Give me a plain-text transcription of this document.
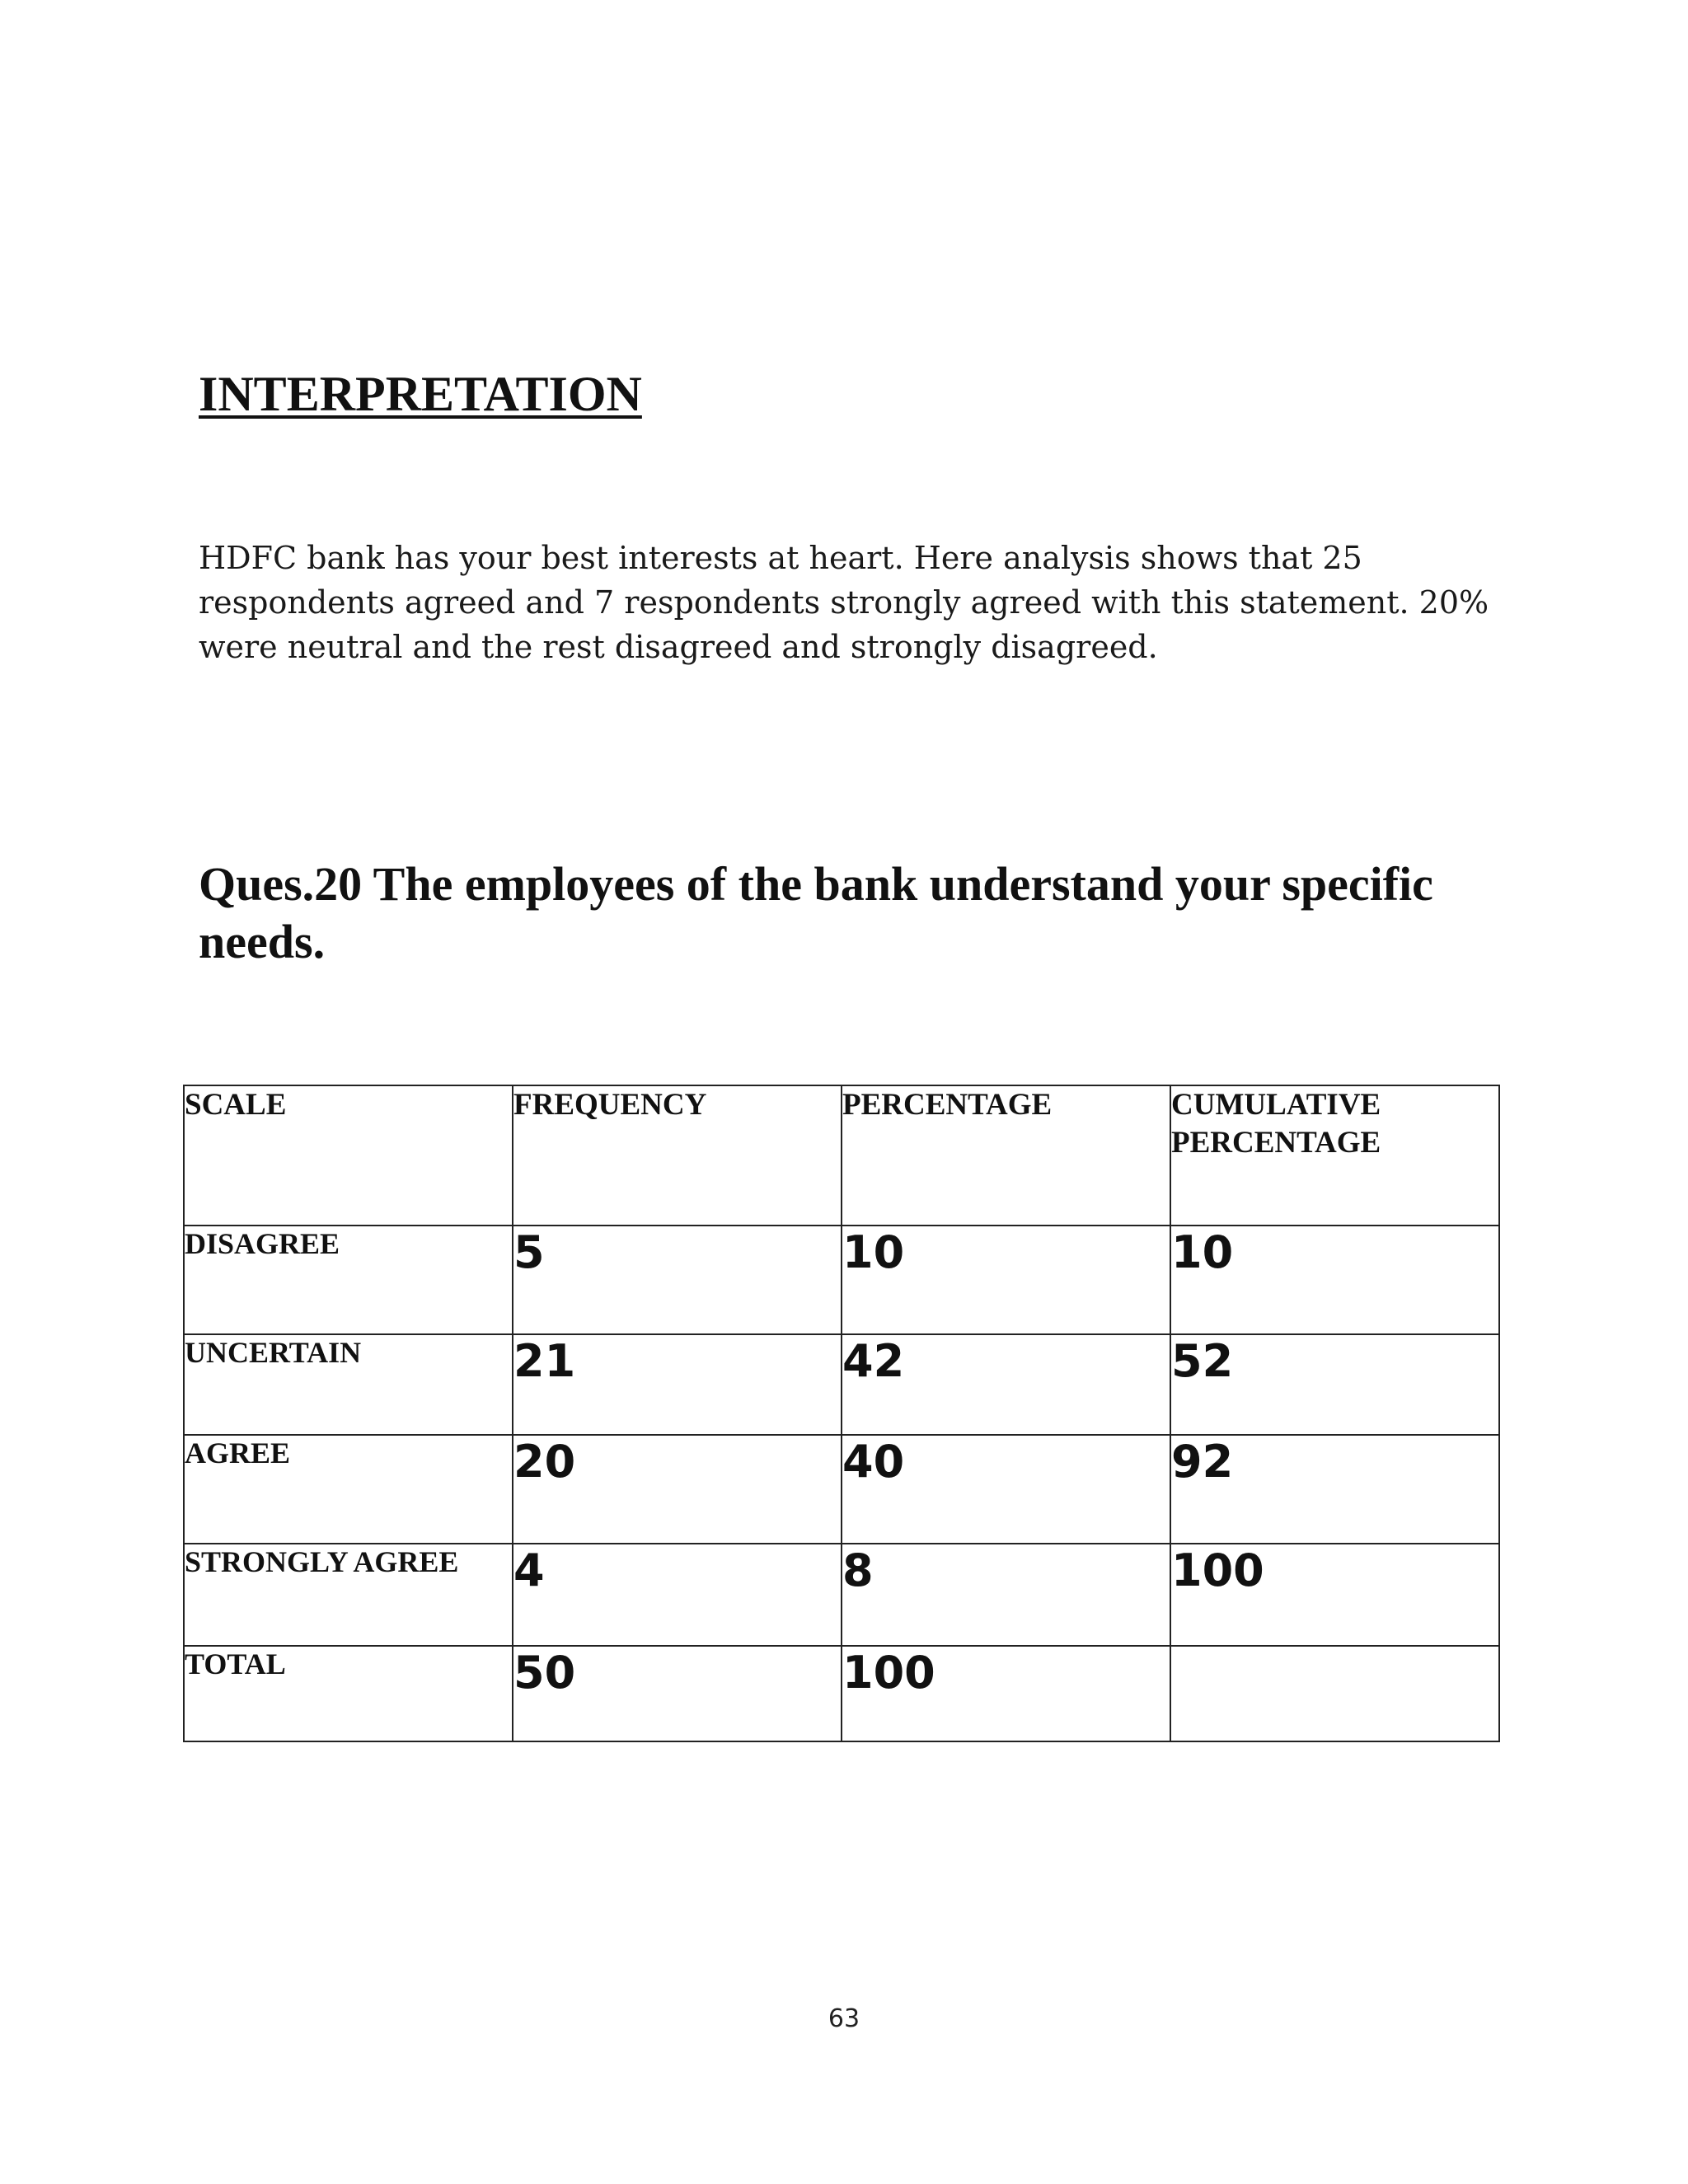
INTERPRETATION

HDFC bank has your best interests at heart. Here analysis shows that 25 respondents agreed and 7 respondents strongly agreed with this statement. 20% were neutral and the rest disagreed and strongly disagreed.

Ques.20 The employees of the bank understand your specific needs.
SCALE	FREQUENCY	PERCENTAGE	CUMULATIVE PERCENTAGE
DISAGREE	5	10	10
UNCERTAIN	21	42	52
AGREE	20	40	92
STRONGLY AGREE	4	8	100
TOTAL	50	100	
63
